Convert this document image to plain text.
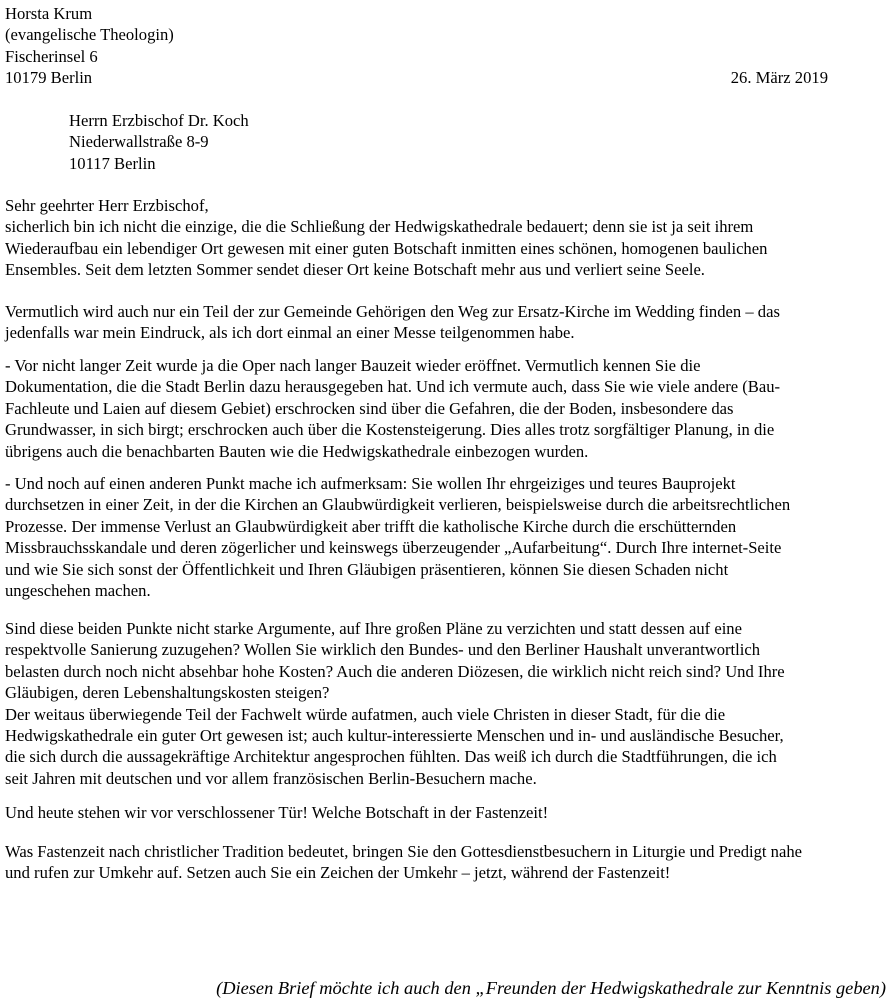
Horsta Krum
(evangelische Theologin)
Fischerinsel 6
10179 Berlin	26. März 2019
Herrn Erzbischof Dr. Koch
Niederwallstraße 8-9
10117 Berlin
Sehr geehrter Herr Erzbischof,
sicherlich bin ich nicht die einzige, die die Schließung der Hedwigskathedrale bedauert; denn sie ist ja seit ihrem
Wiederaufbau ein lebendiger Ort gewesen mit einer guten Botschaft inmitten eines schönen, homogenen baulichen
Ensembles. Seit dem letzten Sommer sendet dieser Ort keine Botschaft mehr aus und verliert seine Seele.
Vermutlich wird auch nur ein Teil der zur Gemeinde Gehörigen den Weg zur Ersatz-Kirche im Wedding finden – das
jedenfalls war mein Eindruck, als ich dort einmal an einer Messe teilgenommen habe.
- Vor nicht langer Zeit wurde ja die Oper nach langer Bauzeit wieder eröffnet. Vermutlich kennen Sie die
Dokumentation, die die Stadt Berlin dazu herausgegeben hat. Und ich vermute auch, dass Sie wie viele andere (Bau-
Fachleute und Laien auf diesem Gebiet) erschrocken sind über die Gefahren, die der Boden, insbesondere das
Grundwasser, in sich birgt; erschrocken auch über die Kostensteigerung. Dies alles trotz sorgfältiger Planung, in die
übrigens auch die benachbarten Bauten wie die Hedwigskathedrale einbezogen wurden.
- Und noch auf einen anderen Punkt mache ich aufmerksam: Sie wollen Ihr ehrgeiziges und teures Bauprojekt
durchsetzen in einer Zeit, in der die Kirchen an Glaubwürdigkeit verlieren, beispielsweise durch die arbeitsrechtlichen
Prozesse. Der immense Verlust an Glaubwürdigkeit aber trifft die katholische Kirche durch die erschütternden
Missbrauchsskandale und deren zögerlicher und keinswegs überzeugender „Aufarbeitung“. Durch Ihre internet-Seite
und wie Sie sich sonst der Öffentlichkeit und Ihren Gläubigen präsentieren, können Sie diesen Schaden nicht
ungeschehen machen.
Sind diese beiden Punkte nicht starke Argumente, auf Ihre großen Pläne zu verzichten und statt dessen auf eine
respektvolle Sanierung zuzugehen? Wollen Sie wirklich den Bundes- und den Berliner Haushalt unverantwortlich
belasten durch noch nicht absehbar hohe Kosten? Auch die anderen Diözesen, die wirklich nicht reich sind? Und Ihre
Gläubigen, deren Lebenshaltungskosten steigen?
Der weitaus überwiegende Teil der Fachwelt würde aufatmen, auch viele Christen in dieser Stadt, für die die
Hedwigskathedrale ein guter Ort gewesen ist; auch kultur-interessierte Menschen und in- und ausländische Besucher,
die sich durch die aussagekräftige Architektur angesprochen fühlten. Das weiß ich durch die Stadtführungen, die ich
seit Jahren mit deutschen und vor allem französischen Berlin-Besuchern mache.
Und heute stehen wir vor verschlossener Tür! Welche Botschaft in der Fastenzeit!
Was Fastenzeit nach christlicher Tradition bedeutet, bringen Sie den Gottesdienstbesuchern in Liturgie und Predigt nahe
und rufen zur Umkehr auf. Setzen auch Sie ein Zeichen der Umkehr – jetzt, während der Fastenzeit!
(Diesen Brief möchte ich auch den „Freunden der Hedwigskathedrale zur Kenntnis geben)
